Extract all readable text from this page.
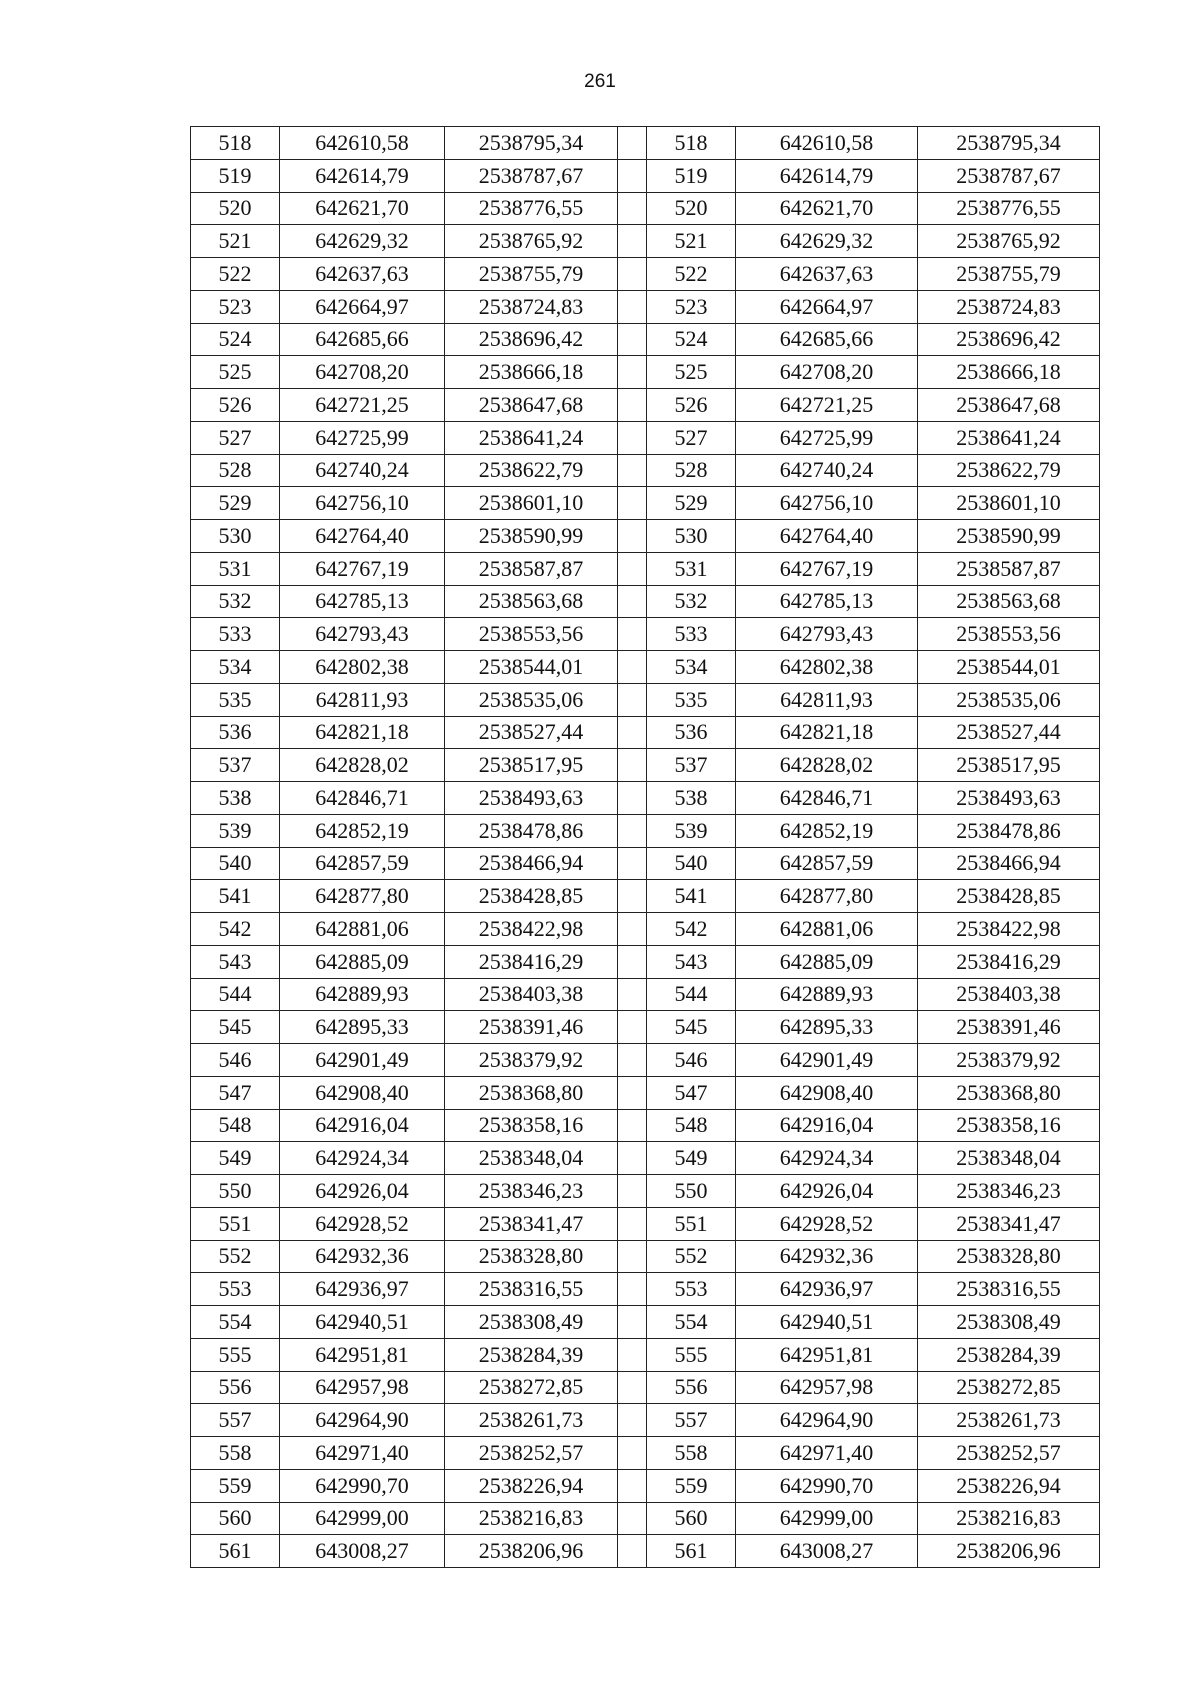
261
518	642610,58	2538795,34		518	642610,58	2538795,34
519	642614,79	2538787,67		519	642614,79	2538787,67
520	642621,70	2538776,55		520	642621,70	2538776,55
521	642629,32	2538765,92		521	642629,32	2538765,92
522	642637,63	2538755,79		522	642637,63	2538755,79
523	642664,97	2538724,83		523	642664,97	2538724,83
524	642685,66	2538696,42		524	642685,66	2538696,42
525	642708,20	2538666,18		525	642708,20	2538666,18
526	642721,25	2538647,68		526	642721,25	2538647,68
527	642725,99	2538641,24		527	642725,99	2538641,24
528	642740,24	2538622,79		528	642740,24	2538622,79
529	642756,10	2538601,10		529	642756,10	2538601,10
530	642764,40	2538590,99		530	642764,40	2538590,99
531	642767,19	2538587,87		531	642767,19	2538587,87
532	642785,13	2538563,68		532	642785,13	2538563,68
533	642793,43	2538553,56		533	642793,43	2538553,56
534	642802,38	2538544,01		534	642802,38	2538544,01
535	642811,93	2538535,06		535	642811,93	2538535,06
536	642821,18	2538527,44		536	642821,18	2538527,44
537	642828,02	2538517,95		537	642828,02	2538517,95
538	642846,71	2538493,63		538	642846,71	2538493,63
539	642852,19	2538478,86		539	642852,19	2538478,86
540	642857,59	2538466,94		540	642857,59	2538466,94
541	642877,80	2538428,85		541	642877,80	2538428,85
542	642881,06	2538422,98		542	642881,06	2538422,98
543	642885,09	2538416,29		543	642885,09	2538416,29
544	642889,93	2538403,38		544	642889,93	2538403,38
545	642895,33	2538391,46		545	642895,33	2538391,46
546	642901,49	2538379,92		546	642901,49	2538379,92
547	642908,40	2538368,80		547	642908,40	2538368,80
548	642916,04	2538358,16		548	642916,04	2538358,16
549	642924,34	2538348,04		549	642924,34	2538348,04
550	642926,04	2538346,23		550	642926,04	2538346,23
551	642928,52	2538341,47		551	642928,52	2538341,47
552	642932,36	2538328,80		552	642932,36	2538328,80
553	642936,97	2538316,55		553	642936,97	2538316,55
554	642940,51	2538308,49		554	642940,51	2538308,49
555	642951,81	2538284,39		555	642951,81	2538284,39
556	642957,98	2538272,85		556	642957,98	2538272,85
557	642964,90	2538261,73		557	642964,90	2538261,73
558	642971,40	2538252,57		558	642971,40	2538252,57
559	642990,70	2538226,94		559	642990,70	2538226,94
560	642999,00	2538216,83		560	642999,00	2538216,83
561	643008,27	2538206,96		561	643008,27	2538206,96
